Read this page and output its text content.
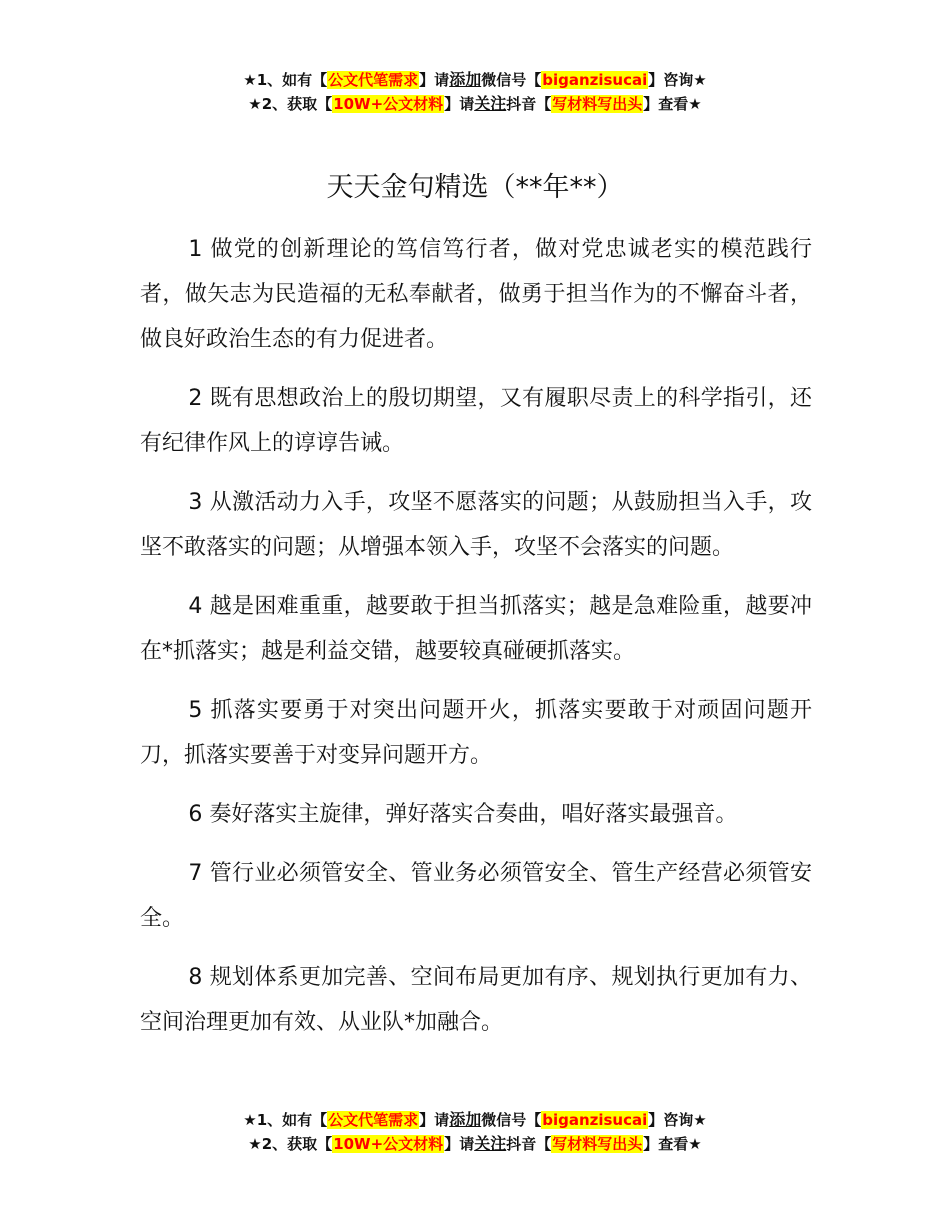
★1、如有【公文代笔需求】请添加微信号【biganzisucai】咨询★
★2、获取【10W+公文材料】请关注抖音【写材料写出头】查看★
天天金句精选（**年**）

1 做党的创新理论的笃信笃行者，做对党忠诚老实的模范践行者，做矢志为民造福的无私奉献者，做勇于担当作为的不懈奋斗者，做良好政治生态的有力促进者。

2 既有思想政治上的殷切期望，又有履职尽责上的科学指引，还有纪律作风上的谆谆告诫。

3 从激活动力入手，攻坚不愿落实的问题；从鼓励担当入手，攻坚不敢落实的问题；从增强本领入手，攻坚不会落实的问题。

4 越是困难重重，越要敢于担当抓落实；越是急难险重，越要冲在*抓落实；越是利益交错，越要较真碰硬抓落实。

5 抓落实要勇于对突出问题开火，抓落实要敢于对顽固问题开刀，抓落实要善于对变异问题开方。

6 奏好落实主旋律，弹好落实合奏曲，唱好落实最强音。

7 管行业必须管安全、管业务必须管安全、管生产经营必须管安全。

8 规划体系更加完善、空间布局更加有序、规划执行更加有力、空间治理更加有效、从业队*加融合。

★1、如有【公文代笔需求】请添加微信号【biganzisucai】咨询★
★2、获取【10W+公文材料】请关注抖音【写材料写出头】查看★
